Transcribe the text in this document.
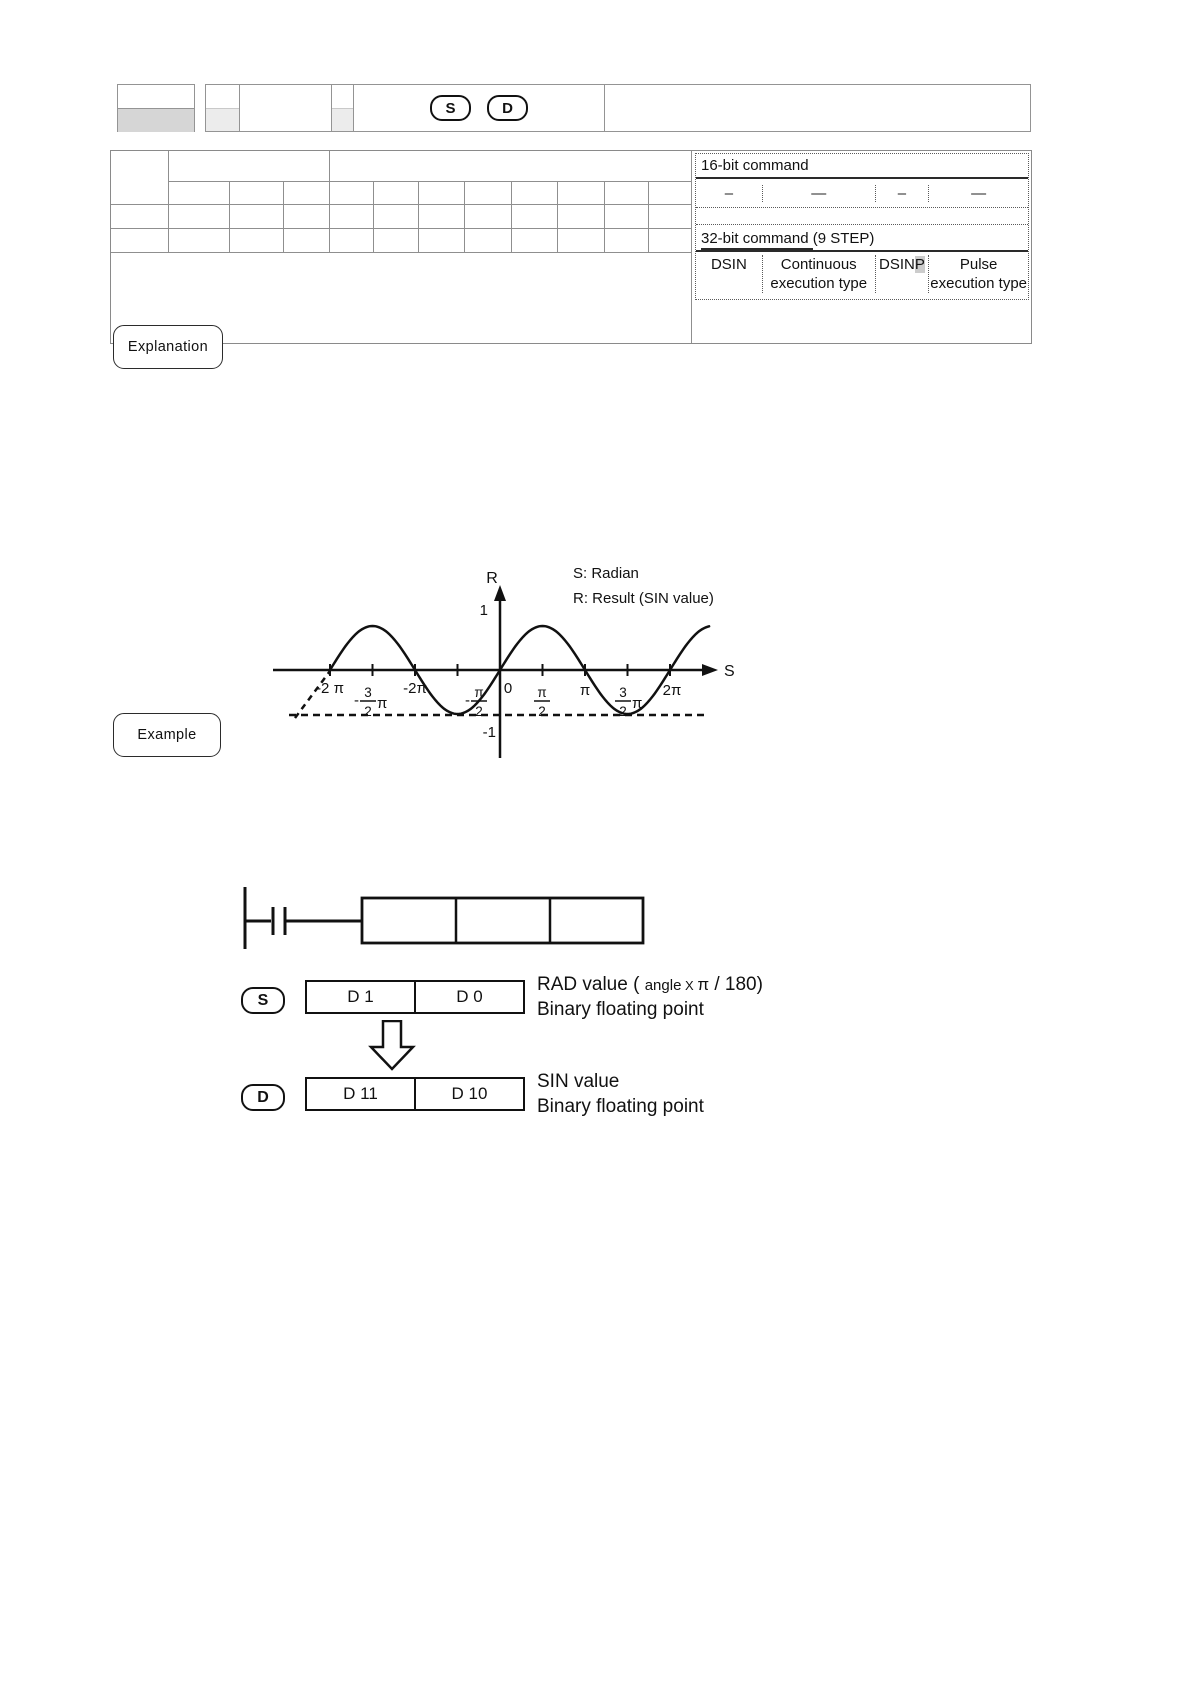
S	D
16-bit command
–	—	–	—
32-bit command (9 STEP)
DSIN	Continuous
execution type
DSINP	Pulse
execution type
Explanation
S: Radian
R: Result (SIN value)
R
S
1
-1
-2 π
- 3
2 π
-2π
- π
2
0 π
2
π 3
2 π
2π
Example
S	D 1	D 0
RAD value ( angle X π / 180)
Binary floating point
D	D 11	D 10
SIN value
Binary floating point
